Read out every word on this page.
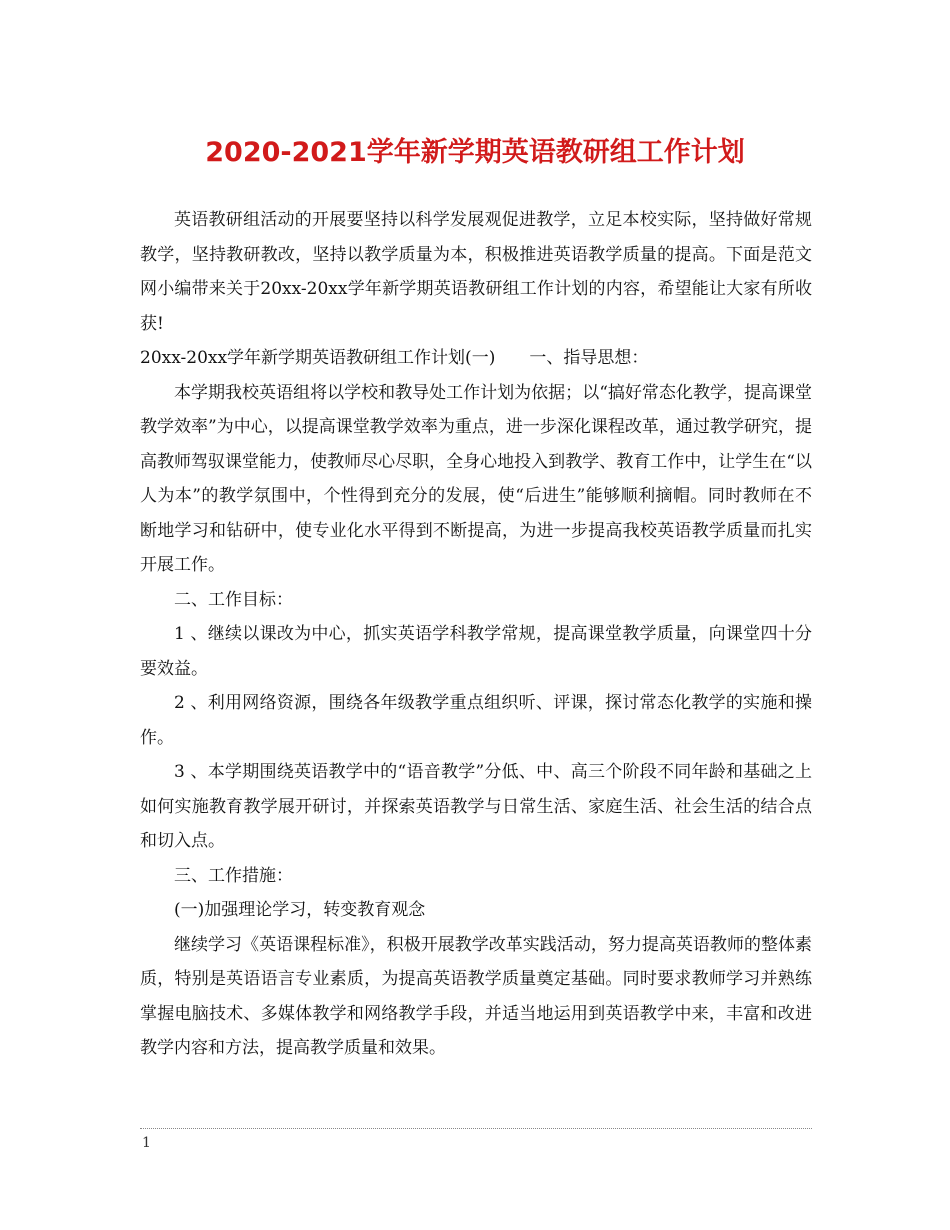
2020-2021学年新学期英语教研组工作计划

英语教研组活动的开展要坚持以科学发展观促进教学，立足本校实际，坚持做好常规教学，坚持教研教改，坚持以教学质量为本，积极推进英语教学质量的提高。下面是范文网小编带来关于20xx-20xx学年新学期英语教研组工作计划的内容，希望能让大家有所收获!

20xx-20xx学年新学期英语教研组工作计划(一) 一、指导思想：

本学期我校英语组将以学校和教导处工作计划为依据；以“搞好常态化教学，提高课堂教学效率”为中心，以提高课堂教学效率为重点，进一步深化课程改革，通过教学研究，提高教师驾驭课堂能力，使教师尽心尽职，全身心地投入到教学、教育工作中，让学生在“以人为本”的教学氛围中，个性得到充分的发展，使“后进生”能够顺利摘帽。同时教师在不断地学习和钻研中，使专业化水平得到不断提高，为进一步提高我校英语教学质量而扎实开展工作。

二、工作目标：

1 、继续以课改为中心，抓实英语学科教学常规，提高课堂教学质量，向课堂四十分要效益。

2 、利用网络资源，围绕各年级教学重点组织听、评课，探讨常态化教学的实施和操作。

3 、本学期围绕英语教学中的“语音教学”分低、中、高三个阶段不同年龄和基础之上如何实施教育教学展开研讨，并探索英语教学与日常生活、家庭生活、社会生活的结合点和切入点。

三、工作措施：

(一)加强理论学习，转变教育观念

继续学习《英语课程标准》，积极开展教学改革实践活动，努力提高英语教师的整体素质，特别是英语语言专业素质，为提高英语教学质量奠定基础。同时要求教师学习并熟练掌握电脑技术、多媒体教学和网络教学手段，并适当地运用到英语教学中来，丰富和改进教学内容和方法，提高教学质量和效果。

1
